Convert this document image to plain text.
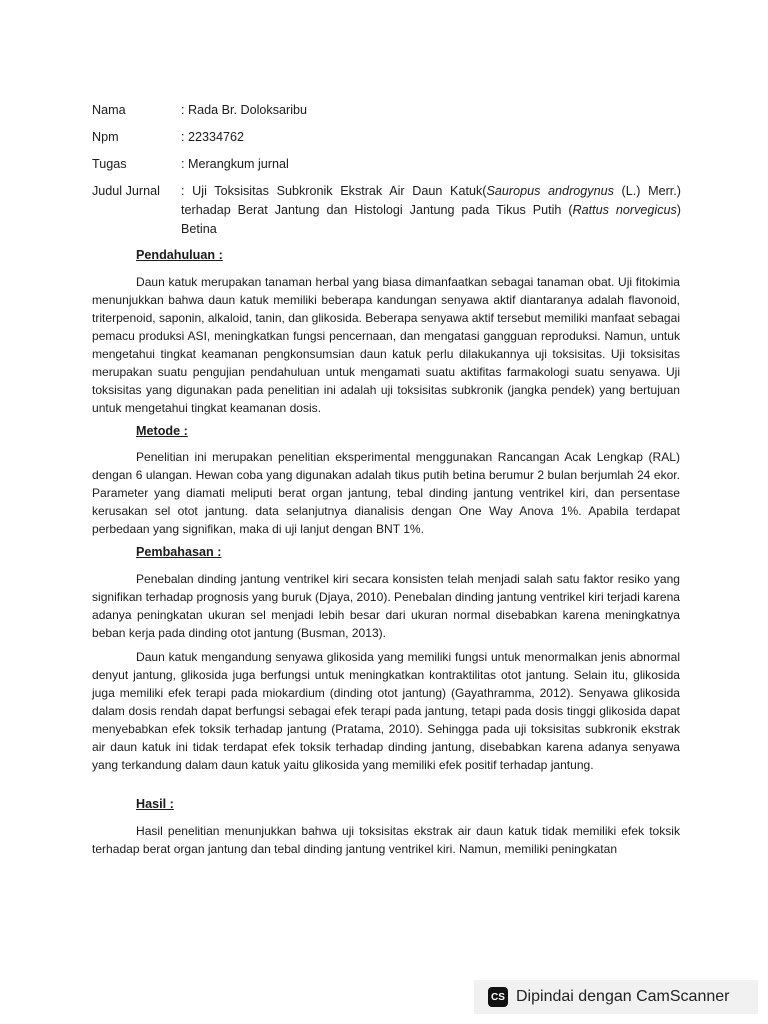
Nama	: Rada Br. Doloksaribu
Npm	: 22334762
Tugas	: Merangkum jurnal
Judul Jurnal	: Uji Toksisitas Subkronik Ekstrak Air Daun Katuk(Sauropus androgynus (L.) Merr.) terhadap Berat Jantung dan Histologi Jantung pada Tikus Putih (Rattus norvegicus) Betina
Pendahuluan :

Daun katuk merupakan tanaman herbal yang biasa dimanfaatkan sebagai tanaman obat. Uji fitokimia menunjukkan bahwa daun katuk memiliki beberapa kandungan senyawa aktif diantaranya adalah flavonoid, triterpenoid, saponin, alkaloid, tanin, dan glikosida. Beberapa senyawa aktif tersebut memiliki manfaat sebagai pemacu produksi ASI, meningkatkan fungsi pencernaan, dan mengatasi gangguan reproduksi. Namun, untuk mengetahui tingkat keamanan pengkonsumsian daun katuk perlu dilakukannya uji toksisitas. Uji toksisitas merupakan suatu pengujian pendahuluan untuk mengamati suatu aktifitas farmakologi suatu senyawa. Uji toksisitas yang digunakan pada penelitian ini adalah uji toksisitas subkronik (jangka pendek) yang bertujuan untuk mengetahui tingkat keamanan dosis.

Metode :

Penelitian ini merupakan penelitian eksperimental menggunakan Rancangan Acak Lengkap (RAL) dengan 6 ulangan. Hewan coba yang digunakan adalah tikus putih betina berumur 2 bulan berjumlah 24 ekor. Parameter yang diamati meliputi berat organ jantung, tebal dinding jantung ventrikel kiri, dan persentase kerusakan sel otot jantung. data selanjutnya dianalisis dengan One Way Anova 1%. Apabila terdapat perbedaan yang signifikan, maka di uji lanjut dengan BNT 1%.

Pembahasan :

Penebalan dinding jantung ventrikel kiri secara konsisten telah menjadi salah satu faktor resiko yang signifikan terhadap prognosis yang buruk (Djaya, 2010). Penebalan dinding jantung ventrikel kiri terjadi karena adanya peningkatan ukuran sel menjadi lebih besar dari ukuran normal disebabkan karena meningkatnya beban kerja pada dinding otot jantung (Busman, 2013).

Daun katuk mengandung senyawa glikosida yang memiliki fungsi untuk menormalkan jenis abnormal denyut jantung, glikosida juga berfungsi untuk meningkatkan kontraktilitas otot jantung. Selain itu, glikosida juga memiliki efek terapi pada miokardium (dinding otot jantung) (Gayathramma, 2012). Senyawa glikosida dalam dosis rendah dapat berfungsi sebagai efek terapi pada jantung, tetapi pada dosis tinggi glikosida dapat menyebabkan efek toksik terhadap jantung (Pratama, 2010). Sehingga pada uji toksisitas subkronik ekstrak air daun katuk ini tidak terdapat efek toksik terhadap dinding jantung, disebabkan karena adanya senyawa yang terkandung dalam daun katuk yaitu glikosida yang memiliki efek positif terhadap jantung.

Hasil :

Hasil penelitian menunjukkan bahwa uji toksisitas ekstrak air daun katuk tidak memiliki efek toksik terhadap berat organ jantung dan tebal dinding jantung ventrikel kiri. Namun, memiliki peningkatan

CS Dipindai dengan CamScanner
